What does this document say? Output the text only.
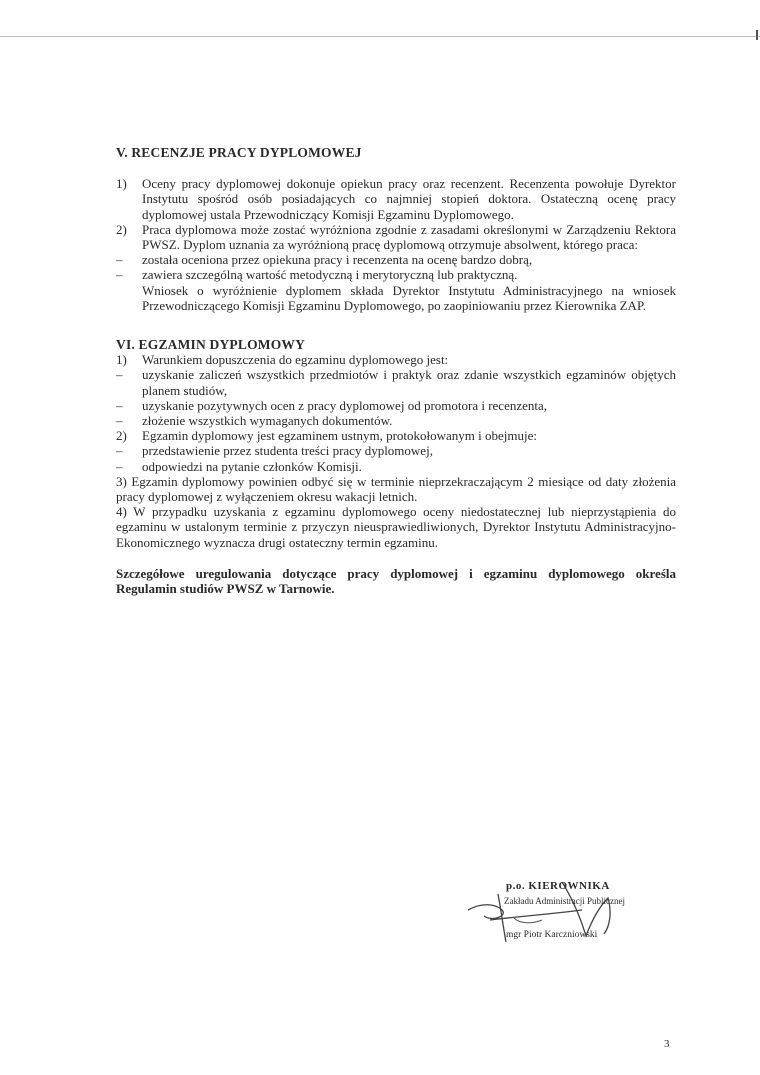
V. RECENZJE PRACY DYPLOMOWEJ
1) Oceny pracy dyplomowej dokonuje opiekun pracy oraz recenzent. Recenzenta powołuje Dyrektor Instytutu spośród osób posiadających co najmniej stopień doktora. Ostateczną ocenę pracy dyplomowej ustala Przewodniczący Komisji Egzaminu Dyplomowego.
2) Praca dyplomowa może zostać wyróżniona zgodnie z zasadami określonymi w Zarządzeniu Rektora PWSZ. Dyplom uznania za wyróżnioną pracę dyplomową otrzymuje absolwent, którego praca:
– została oceniona przez opiekuna pracy i recenzenta na ocenę bardzo dobrą,
– zawiera szczególną wartość metodyczną i merytoryczną lub praktyczną.
Wniosek o wyróżnienie dyplomem składa Dyrektor Instytutu Administracyjnego na wniosek Przewodniczącego Komisji Egzaminu Dyplomowego, po zaopiniowaniu przez Kierownika ZAP.
VI. EGZAMIN DYPLOMOWY
1) Warunkiem dopuszczenia do egzaminu dyplomowego jest:
– uzyskanie zaliczeń wszystkich przedmiotów i praktyk oraz zdanie wszystkich egzaminów objętych planem studiów,
– uzyskanie pozytywnych ocen z pracy dyplomowej od promotora i recenzenta,
– złożenie wszystkich wymaganych dokumentów.
2) Egzamin dyplomowy jest egzaminem ustnym, protokołowanym i obejmuje:
– przedstawienie przez studenta treści pracy dyplomowej,
– odpowiedzi na pytanie członków Komisji.
3) Egzamin dyplomowy powinien odbyć się w terminie nieprzekraczającym 2 miesiące od daty złożenia pracy dyplomowej z wyłączeniem okresu wakacji letnich.
4) W przypadku uzyskania z egzaminu dyplomowego oceny niedostatecznej lub nieprzystąpienia do egzaminu w ustalonym terminie z przyczyn nieusprawiedliwionych, Dyrektor Instytutu Administracyjno-Ekonomicznego wyznacza drugi ostateczny termin egzaminu.
Szczegółowe uregulowania dotyczące pracy dyplomowej i egzaminu dyplomowego określa Regulamin studiów PWSZ w Tarnowie.
p.o. KIEROWNIKA
Zakładu Administracji Publicznej
mgr Piotr Karczniowski
3
